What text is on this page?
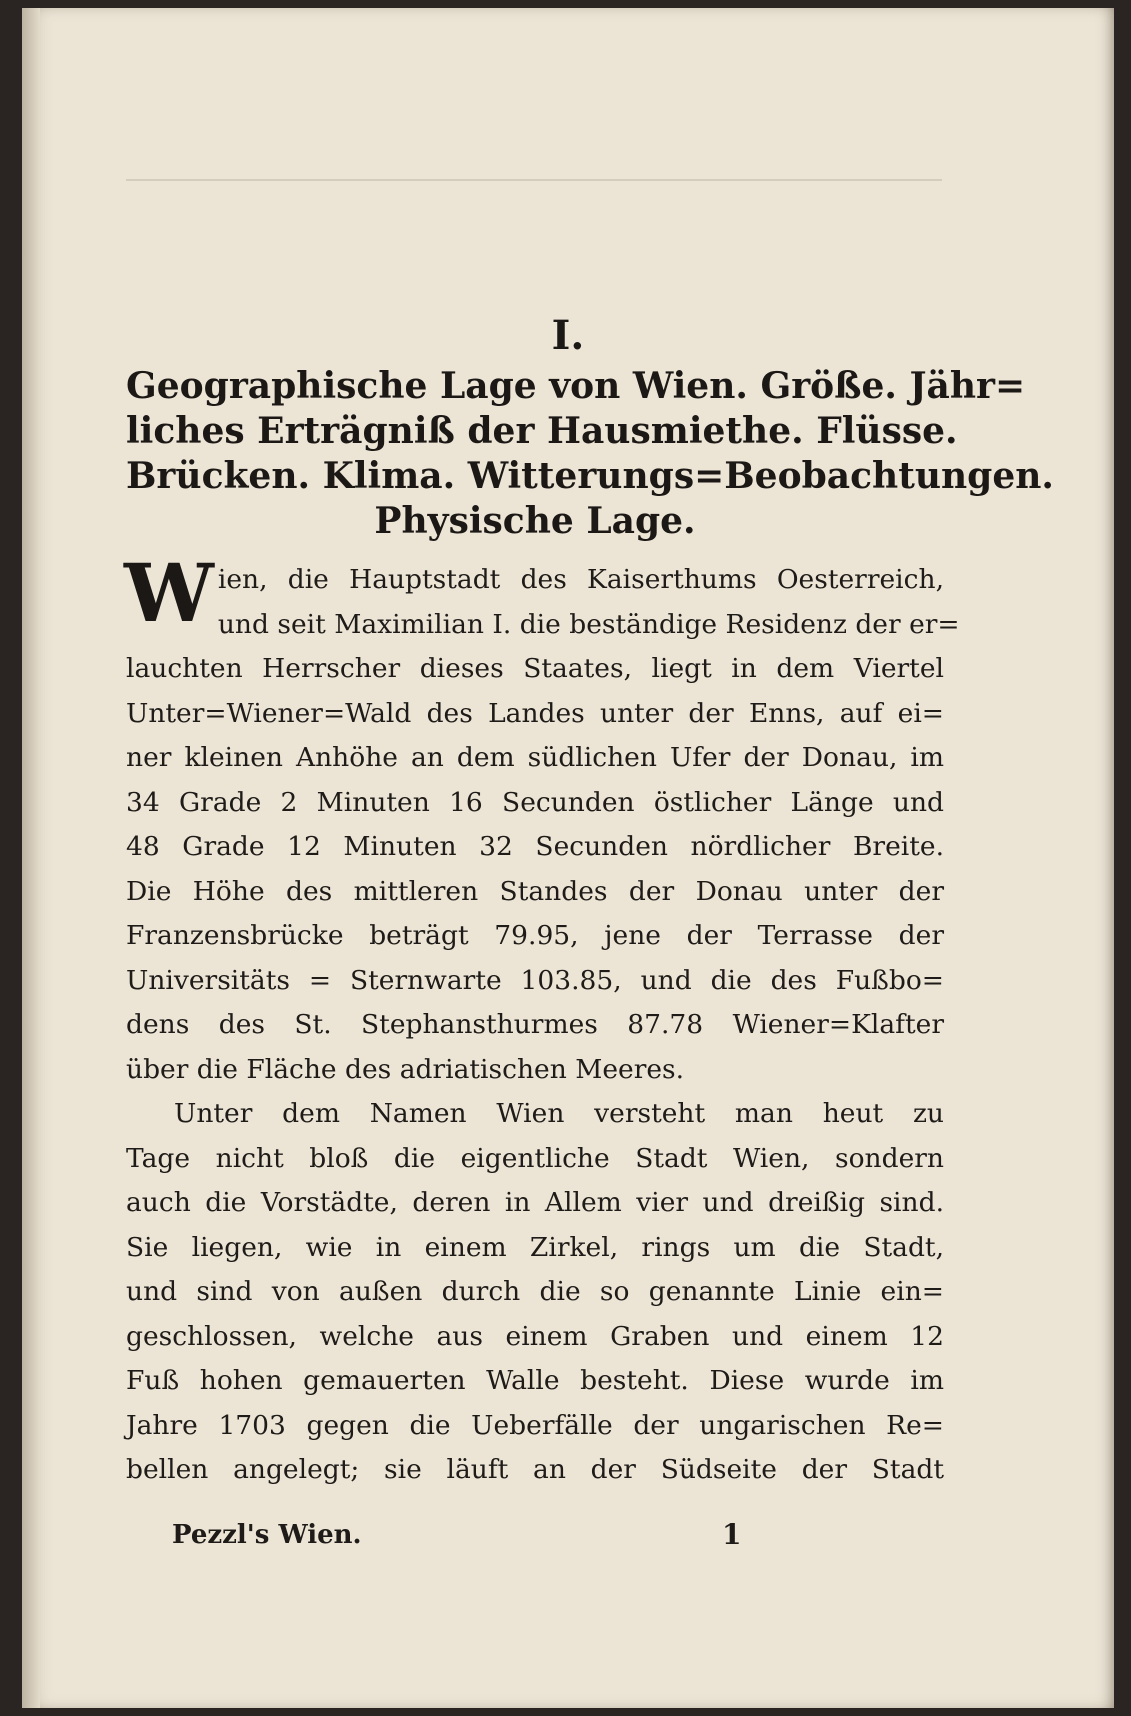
I.
Geographische Lage von Wien. Größe. Jähr=
liches Erträgniß der Hausmiethe. Flüsse.
Brücken. Klima. Witterungs=Beobachtungen.
Physische Lage.
W ien, die Hauptstadt des Kaiserthums Oesterreich,
und seit Maximilian I. die beständige Residenz der er=
lauchten Herrscher dieses Staates, liegt in dem Viertel
Unter=Wiener=Wald des Landes unter der Enns, auf ei=
ner kleinen Anhöhe an dem südlichen Ufer der Donau, im
34 Grade 2 Minuten 16 Secunden östlicher Länge und
48 Grade 12 Minuten 32 Secunden nördlicher Breite.
Die Höhe des mittleren Standes der Donau unter der
Franzensbrücke beträgt 79.95, jene der Terrasse der
Universitäts = Sternwarte 103.85, und die des Fußbo=
dens des St. Stephansthurmes 87.78 Wiener=Klafter
über die Fläche des adriatischen Meeres.
Unter dem Namen Wien versteht man heut zu
Tage nicht bloß die eigentliche Stadt Wien, sondern
auch die Vorstädte, deren in Allem vier und dreißig sind.
Sie liegen, wie in einem Zirkel, rings um die Stadt,
und sind von außen durch die so genannte Linie ein=
geschlossen, welche aus einem Graben und einem 12
Fuß hohen gemauerten Walle besteht. Diese wurde im
Jahre 1703 gegen die Ueberfälle der ungarischen Re=
bellen angelegt; sie läuft an der Südseite der Stadt
Pezzl's Wien.	1
